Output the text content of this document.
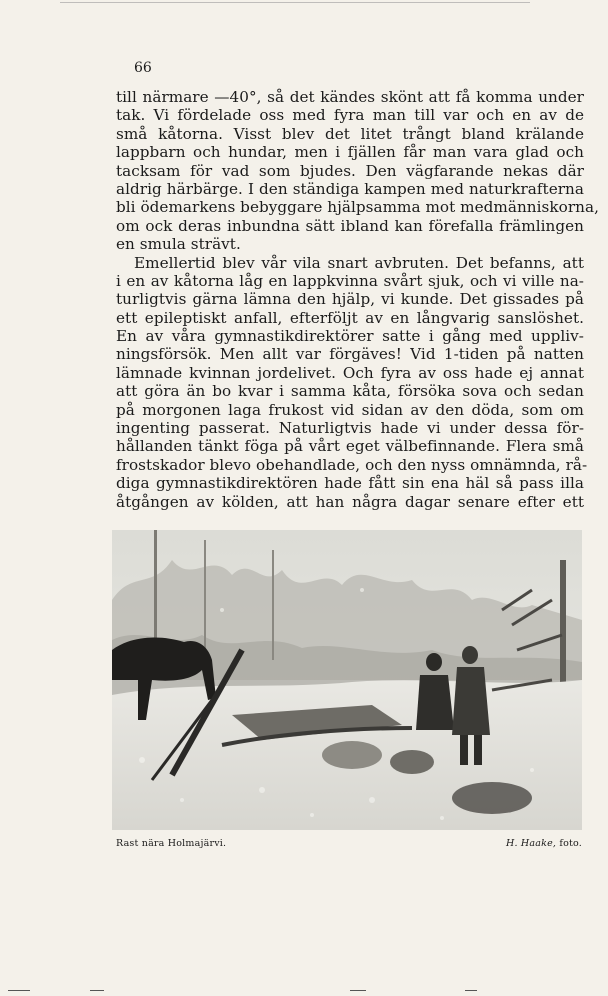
66
till närmare —40°, så det kändes skönt att få komma under
tak. Vi fördelade oss med fyra man till var och en av de
små kåtorna. Visst blev det litet trångt bland krälande
lappbarn och hundar, men i fjällen får man vara glad och
tacksam för vad som bjudes. Den vägfarande nekas där
aldrig härbärge. I den ständiga kampen med naturkrafterna
bli ödemarkens bebyggare hjälpsamma mot medmänniskorna,
om ock deras inbundna sätt ibland kan förefalla främlingen
en smula strävt.
Emellertid blev vår vila snart avbruten. Det befanns, att
i en av kåtorna låg en lappkvinna svårt sjuk, och vi ville na-
turligtvis gärna lämna den hjälp, vi kunde. Det gissades på
ett epileptiskt anfall, efterföljt av en långvarig sanslöshet.
En av våra gymnastikdirektörer satte i gång med uppliv-
ningsförsök. Men allt var förgäves! Vid 1-tiden på natten
lämnade kvinnan jordelivet. Och fyra av oss hade ej annat
att göra än bo kvar i samma kåta, försöka sova och sedan
på morgonen laga frukost vid sidan av den döda, som om
ingenting passerat. Naturligtvis hade vi under dessa för-
hållanden tänkt föga på vårt eget välbefinnande. Flera små
frostskador blevo obehandlade, och den nyss omnämnda, rå-
diga gymnastikdirektören hade fått sin ena häl så pass illa
åtgången av kölden, att han några dagar senare efter ett
Rast nära Holmajärvi.	H. Haake, foto.
